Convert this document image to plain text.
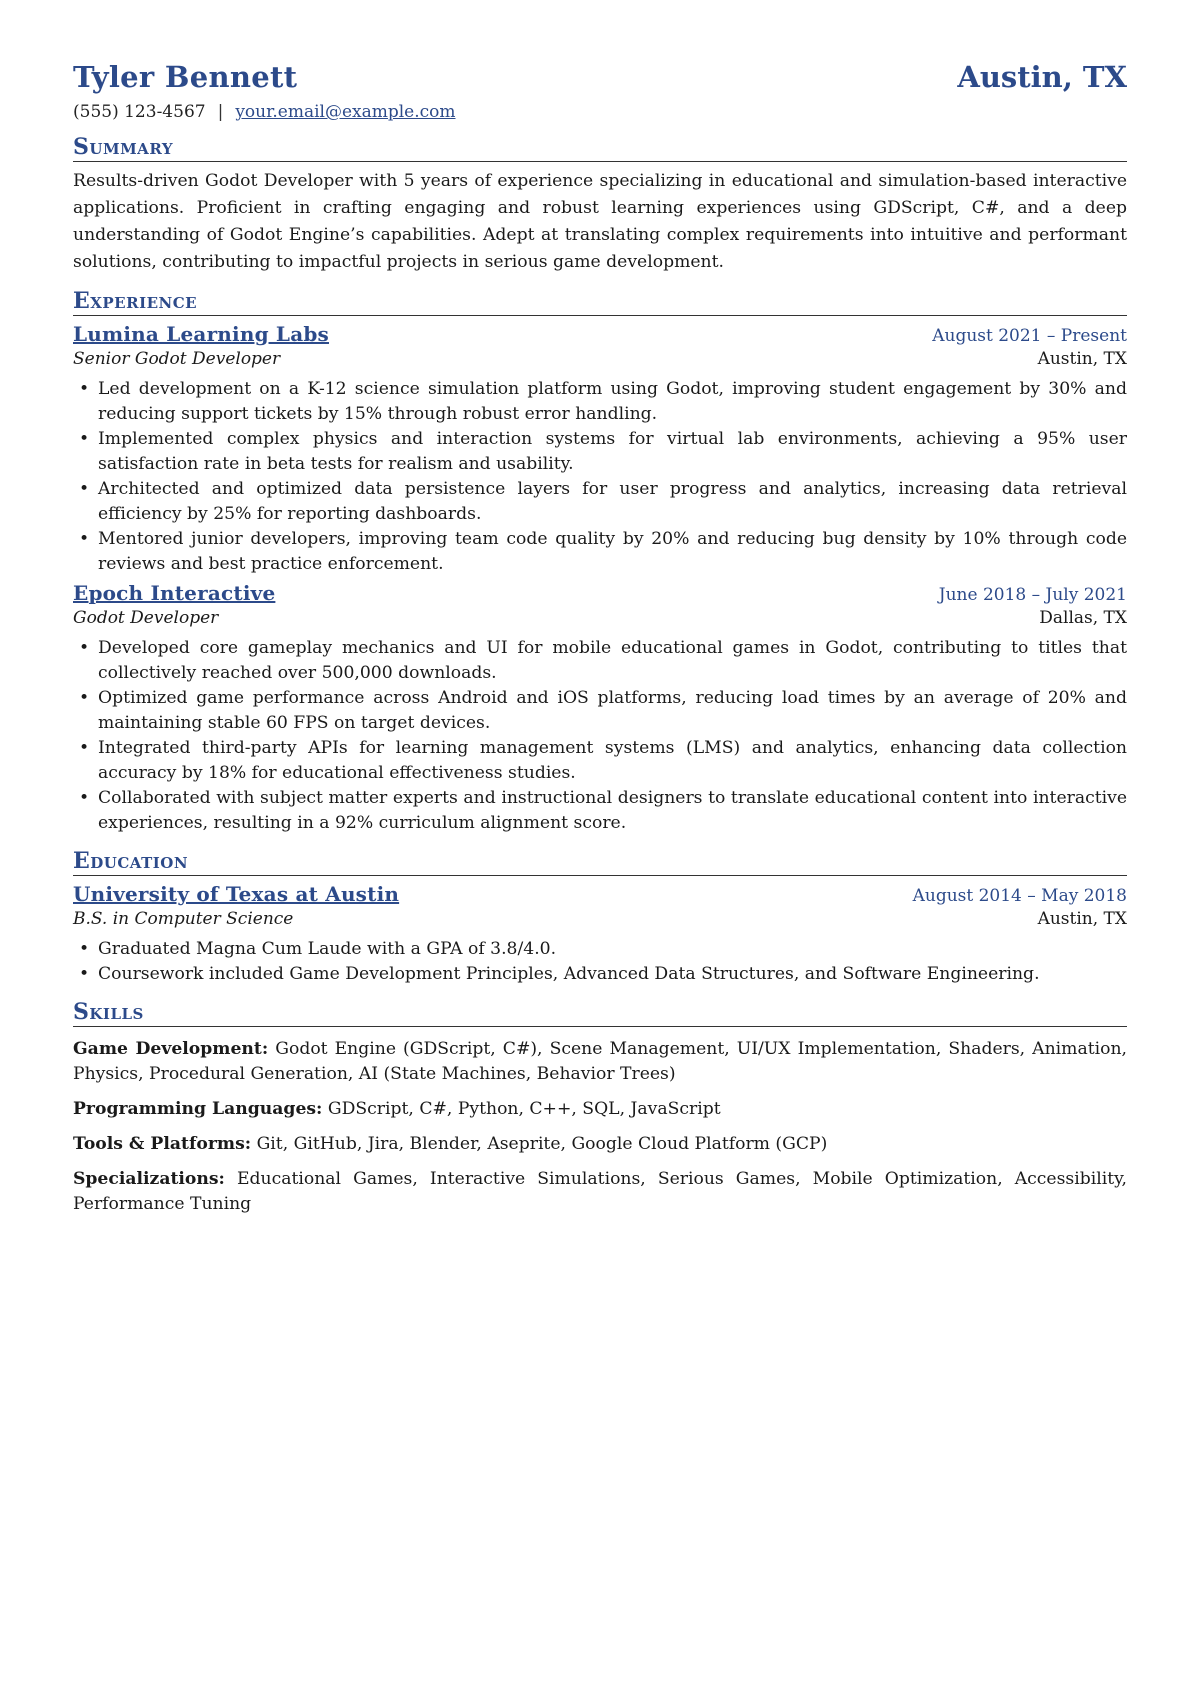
Tyler Bennett	Austin, TX
(555) 123-4567 | your.email@example.com
Summary
Results-driven Godot Developer with 5 years of experience specializing in educational and simulation-based interactive applications. Proficient in crafting engaging and robust learning experiences using GDScript, C#, and a deep understanding of Godot Engine’s capabilities. Adept at translating complex requirements into intuitive and performant solutions, contributing to impactful projects in serious game development.
Experience
Lumina Learning Labs	August 2021 – Present
Senior Godot Developer	Austin, TX
• Led development on a K-12 science simulation platform using Godot, improving student engagement by 30% and reducing support tickets by 15% through robust error handling.
• Implemented complex physics and interaction systems for virtual lab environments, achieving a 95% user satisfaction rate in beta tests for realism and usability.
• Architected and optimized data persistence layers for user progress and analytics, increasing data retrieval efficiency by 25% for reporting dashboards.
• Mentored junior developers, improving team code quality by 20% and reducing bug density by 10% through code reviews and best practice enforcement.
Epoch Interactive	June 2018 – July 2021
Godot Developer	Dallas, TX
• Developed core gameplay mechanics and UI for mobile educational games in Godot, contributing to titles that collectively reached over 500,000 downloads.
• Optimized game performance across Android and iOS platforms, reducing load times by an average of 20% and maintaining stable 60 FPS on target devices.
• Integrated third-party APIs for learning management systems (LMS) and analytics, enhancing data collection accuracy by 18% for educational effectiveness studies.
• Collaborated with subject matter experts and instructional designers to translate educational content into interactive experiences, resulting in a 92% curriculum alignment score.
Education
University of Texas at Austin	August 2014 – May 2018
B.S. in Computer Science	Austin, TX
• Graduated Magna Cum Laude with a GPA of 3.8/4.0.
• Coursework included Game Development Principles, Advanced Data Structures, and Software Engineering.
Skills
Game Development: Godot Engine (GDScript, C#), Scene Management, UI/UX Implementation, Shaders, Animation, Physics, Procedural Generation, AI (State Machines, Behavior Trees)
Programming Languages: GDScript, C#, Python, C++, SQL, JavaScript
Tools & Platforms: Git, GitHub, Jira, Blender, Aseprite, Google Cloud Platform (GCP)
Specializations: Educational Games, Interactive Simulations, Serious Games, Mobile Optimization, Accessibility, Performance Tuning
